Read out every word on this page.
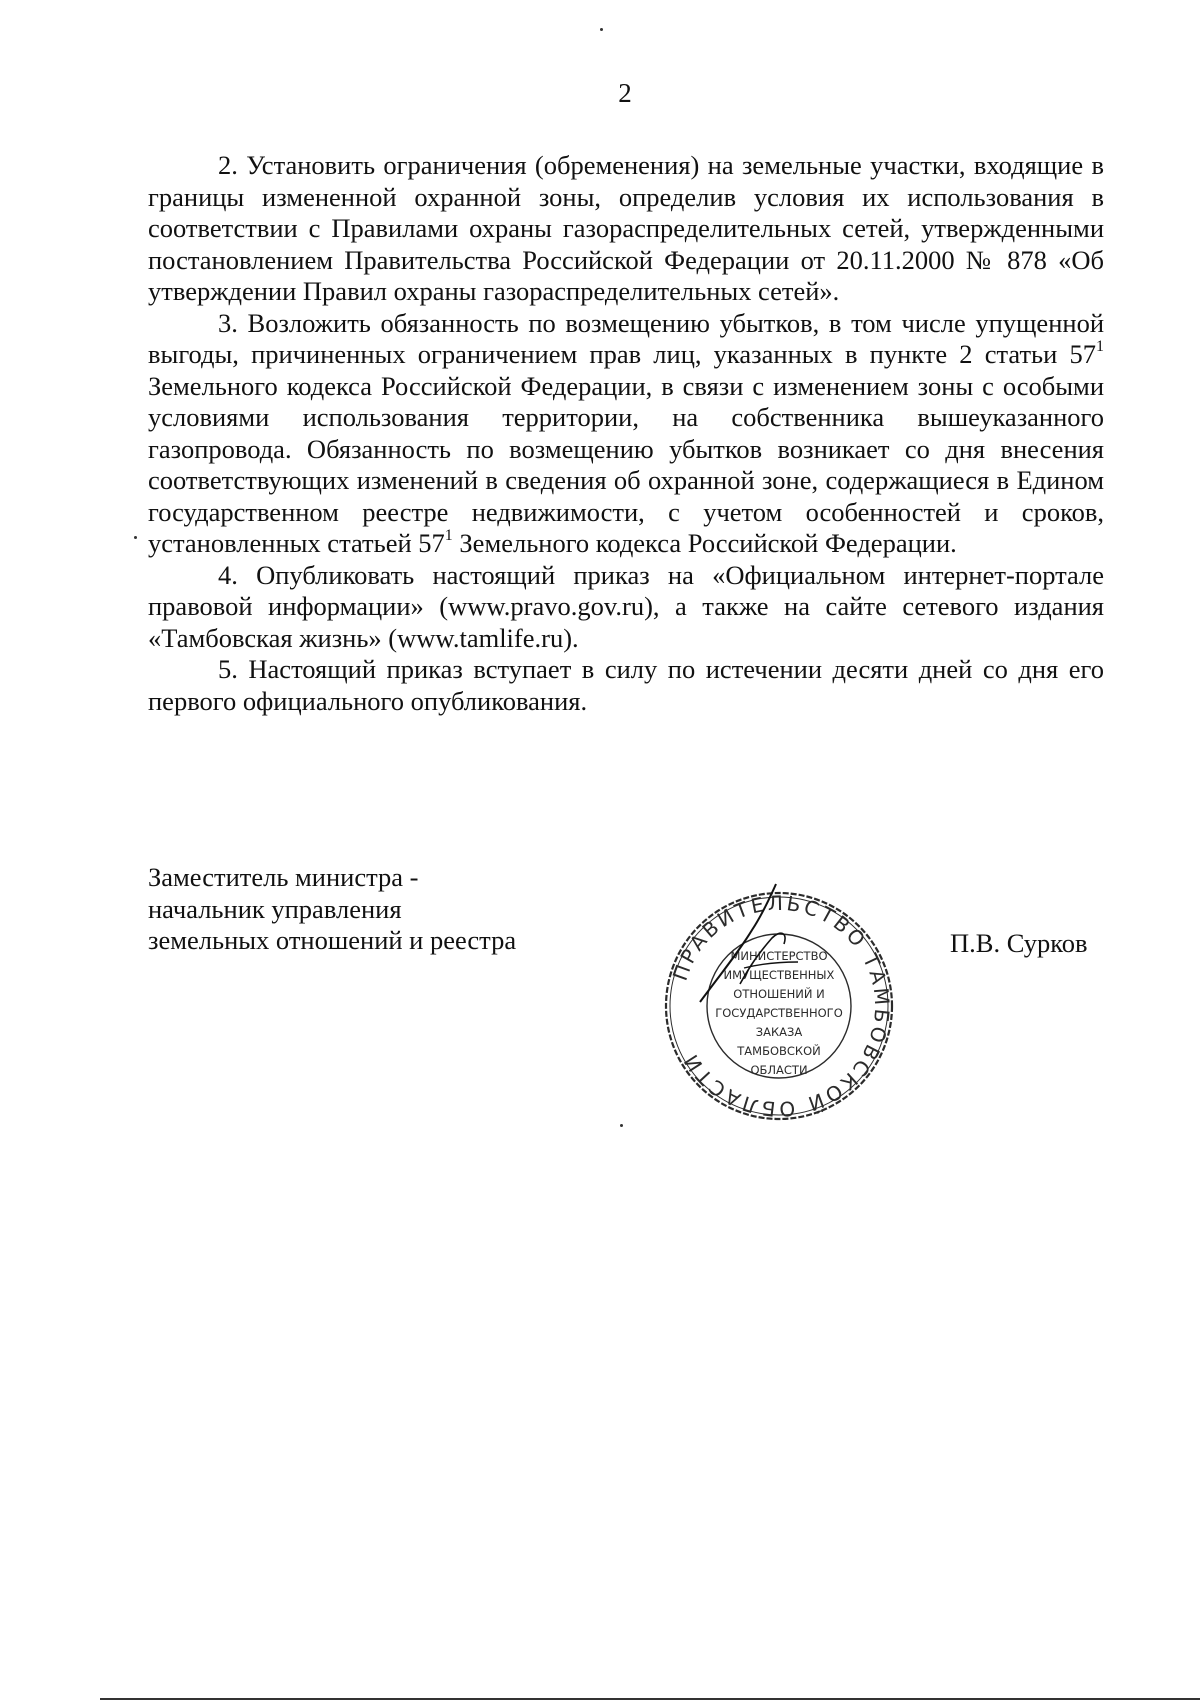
2

2. Установить ограничения (обременения) на земельные участки, входящие в границы измененной охранной зоны, определив условия их использования в соответствии с Правилами охраны газораспределительных сетей, утвержденными постановлением Правительства Российской Федерации от 20.11.2000 № 878 «Об утверждении Правил охраны газораспределительных сетей».

3. Возложить обязанность по возмещению убытков, в том числе упущенной выгоды, причиненных ограничением прав лиц, указанных в пункте 2 статьи $57^1$ Земельного кодекса Российской Федерации, в связи с изменением зоны с особыми условиями использования территории, на собственника вышеуказанного газопровода. Обязанность по возмещению убытков возникает со дня внесения соответствующих изменений в сведения об охранной зоне, содержащиеся в Едином государственном реестре недвижимости, с учетом особенностей и сроков, установленных статьей $57^1$ Земельного кодекса Российской Федерации.

4. Опубликовать настоящий приказ на «Официальном интернет-портале правовой информации» (www.pravo.gov.ru), а также на сайте сетевого издания «Тамбовская жизнь» (www.tamlife.ru).

5. Настоящий приказ вступает в силу по истечении десяти дней со дня его первого официального опубликования.

Заместитель министра -
начальник управления
земельных отношений и реестра
ПРАВИТЕЛЬСТВО ТАМБОВСКОЙ ОБЛАСТИ
МИНИСТЕРСТВО
ИМУЩЕСТВЕННЫХ
ОТНОШЕНИЙ И
ГОСУДАРСТВЕННОГО
ЗАКАЗА
ТАМБОВСКОЙ
ОБЛАСТИ
П.В. Сурков
